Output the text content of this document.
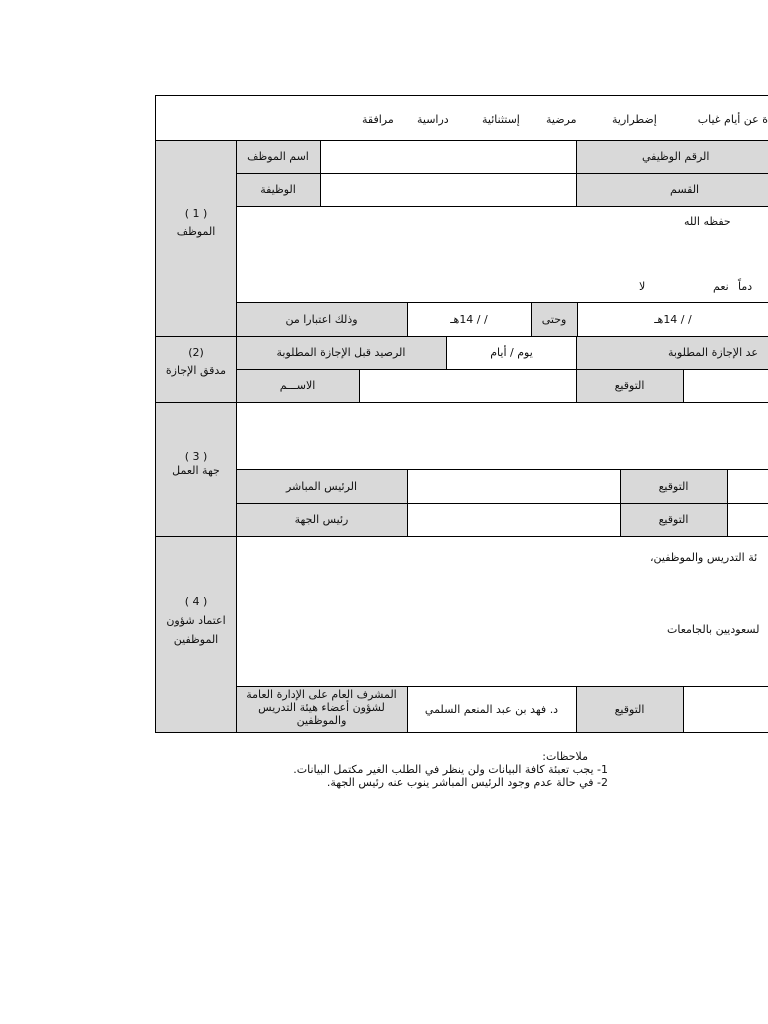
ة عن أيام غياب
إضطرارية
مرضية
إستثنائية
دراسية
مرافقة
( 1 )
الموظف
اسم الموظف	الرقم الوظيفي
الوظيفة	القسم
حفظه الله
دماً
نعم
لا
وذلك اعتبارا من	/ / 14هـ	وحتى	/ / 14هـ
(2)
مدقق الإجازة
الرصيد قبل الإجازة المطلوبة	يوم / أيام	عد الإجازة المطلوبة
الاســـم	التوقيع
( 3 )
جهة العمل
الرئيس المباشر	التوقيع
رئيس الجهة	التوقيع
( 4 )
اعتماد شؤون
الموظفين
ئة التدريس والموظفين،
لسعوديين بالجامعات
المشرف العام على الإدارة العامة
لشؤون أعضاء هيئة التدريس
والموظفين
د. فهد بن عبد المنعم السلمي	التوقيع
ملاحظات:
1- يجب تعبئة كافة البيانات ولن ينظر في الطلب الغير مكتمل البيانات.
2- في حالة عدم وجود الرئيس المباشر ينوب عنه رئيس الجهة.
